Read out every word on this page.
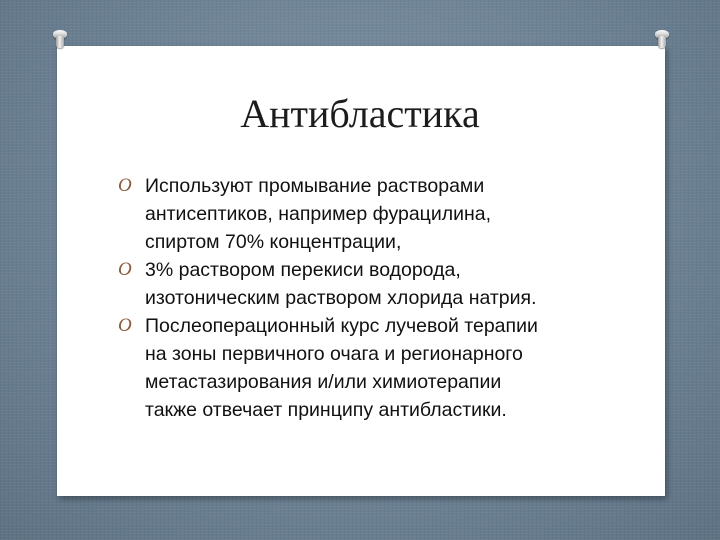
Антибластика
O Используют промывание растворами
антисептиков, например фурацилина,
спиртом 70% концентрации,
O 3% раствором перекиси водорода,
изотоническим раствором хлорида натрия.
O Послеоперационный курс лучевой терапии
на зоны первичного очага и регионарного
метастазирования и/или химиотерапии
также отвечает принципу антибластики.
